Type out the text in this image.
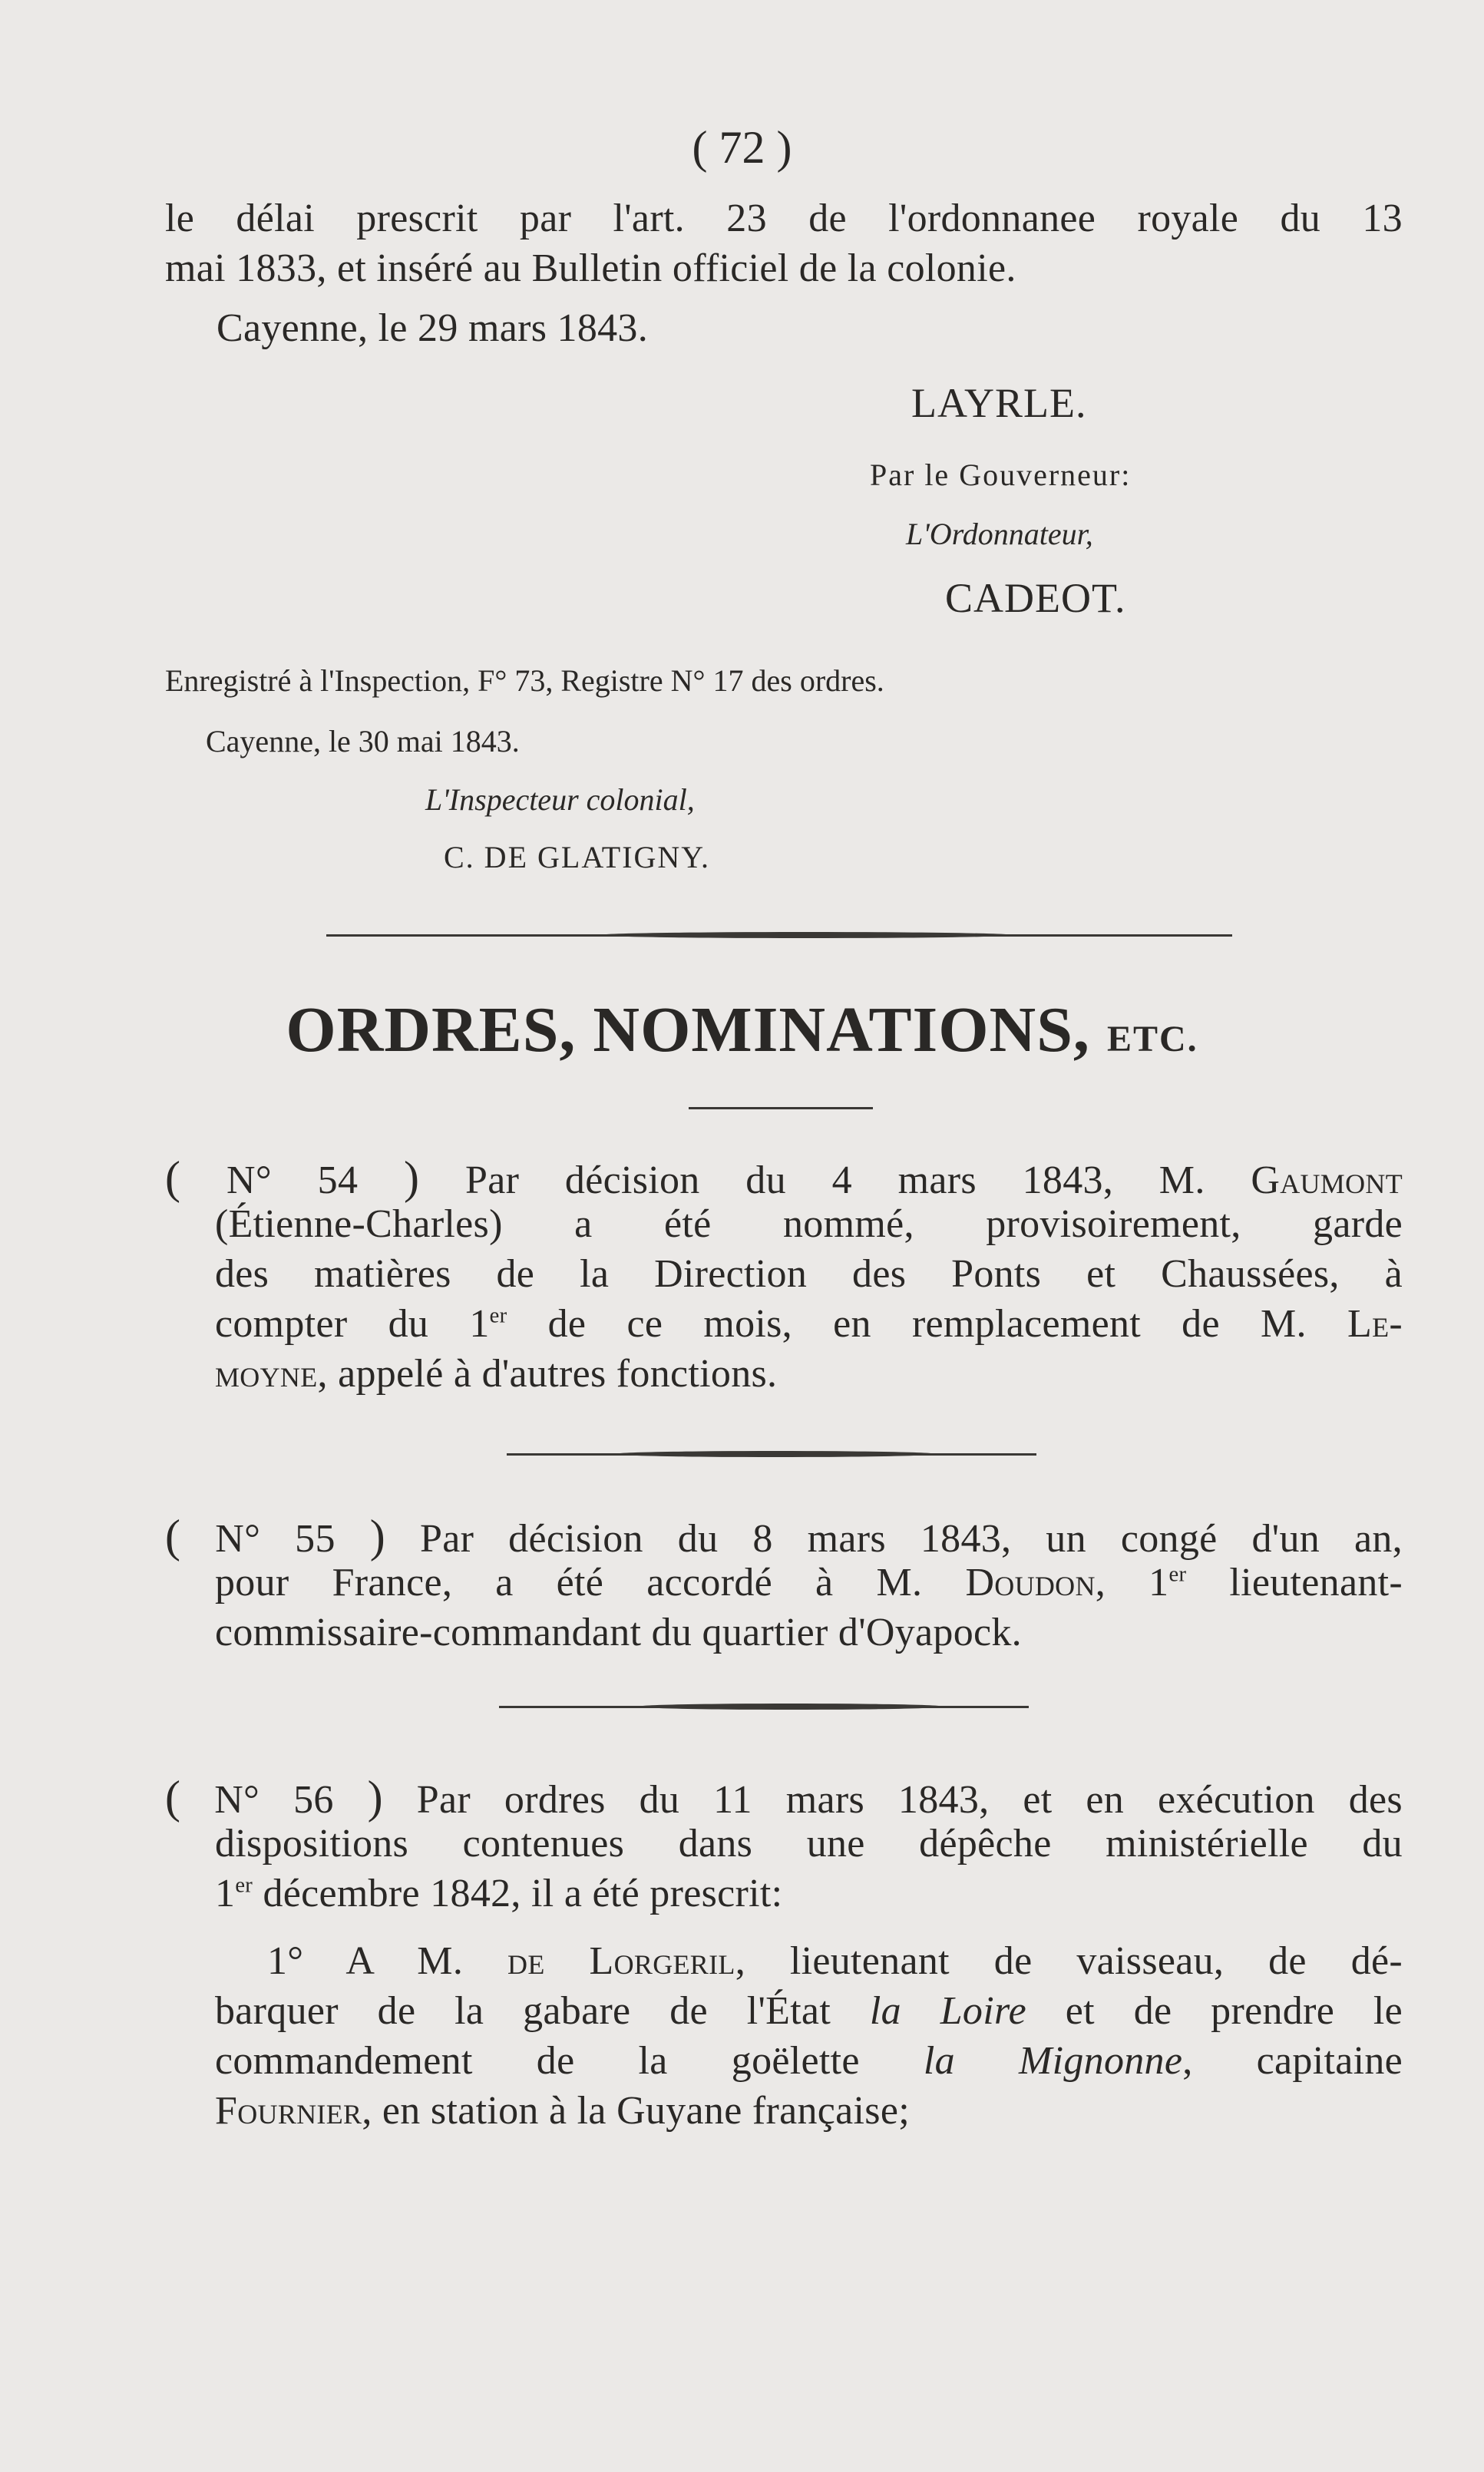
( 72 )
le délai prescrit par l'art. 23 de l'ordonnanee royale du 13
mai 1833, et inséré au Bulletin officiel de la colonie.
Cayenne, le 29 mars 1843.
LAYRLE.
Par le Gouverneur:
L'Ordonnateur,
CADEOT.
Enregistré à l'Inspection, F° 73, Registre N° 17 des ordres.
Cayenne, le 30 mai 1843.
L'Inspecteur colonial,
C. DE GLATIGNY.
ORDRES, NOMINATIONS, ETC.
( N° 54 ) Par décision du 4 mars 1843, M. Gaumont
(Étienne-Charles) a été nommé, provisoirement, garde
des matières de la Direction des Ponts et Chaussées, à
compter du 1er de ce mois, en remplacement de M. Le-
moyne, appelé à d'autres fonctions.
( N° 55 ) Par décision du 8 mars 1843, un congé d'un an,
pour France, a été accordé à M. Doudon, 1er lieutenant-
commissaire-commandant du quartier d'Oyapock.
( N° 56 ) Par ordres du 11 mars 1843, et en exécution des
dispositions contenues dans une dépêche ministérielle du
1er décembre 1842, il a été prescrit:
1° A M. de Lorgeril, lieutenant de vaisseau, de dé-
barquer de la gabare de l'État la Loire et de prendre le
commandement de la goëlette la Mignonne, capitaine
Fournier, en station à la Guyane française;
